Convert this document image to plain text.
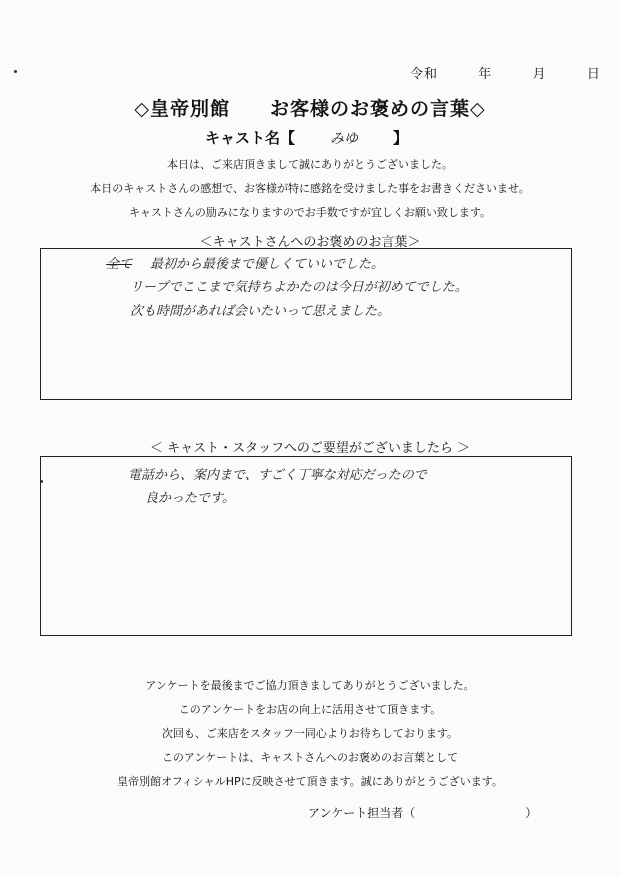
令和	年	月	日
◇皇帝別館　　お客様のお褒めの言葉◇
キャスト名【	みゆ 】
本日は、ご来店頂きまして誠にありがとうございました。
本日のキャストさんの感想で、お客様が特に感銘を受けました事をお書きくださいませ。
キャストさんの励みになりますのでお手数ですが宜しくお願い致します。
＜キャストさんへのお褒めのお言葉＞
全て 最初から最後まで優しくていいでした。
リープでここまで気持ちよかたのは今日が初めてでした。
次も時間があれば会いたいって思えました。
＜ キャスト・スタッフへのご要望がございましたら ＞
電話から、案内まで、すごく丁寧な対応だったので
良かったです。
アンケートを最後までご協力頂きましてありがとうございました。
このアンケートをお店の向上に活用させて頂きます。
次回も、ご来店をスタッフ一同心よりお待ちしております。
このアンケートは、キャストさんへのお褒めのお言葉として
皇帝別館オフィシャルHPに反映させて頂きます。誠にありがとうございます。
アンケート担当者（	）
